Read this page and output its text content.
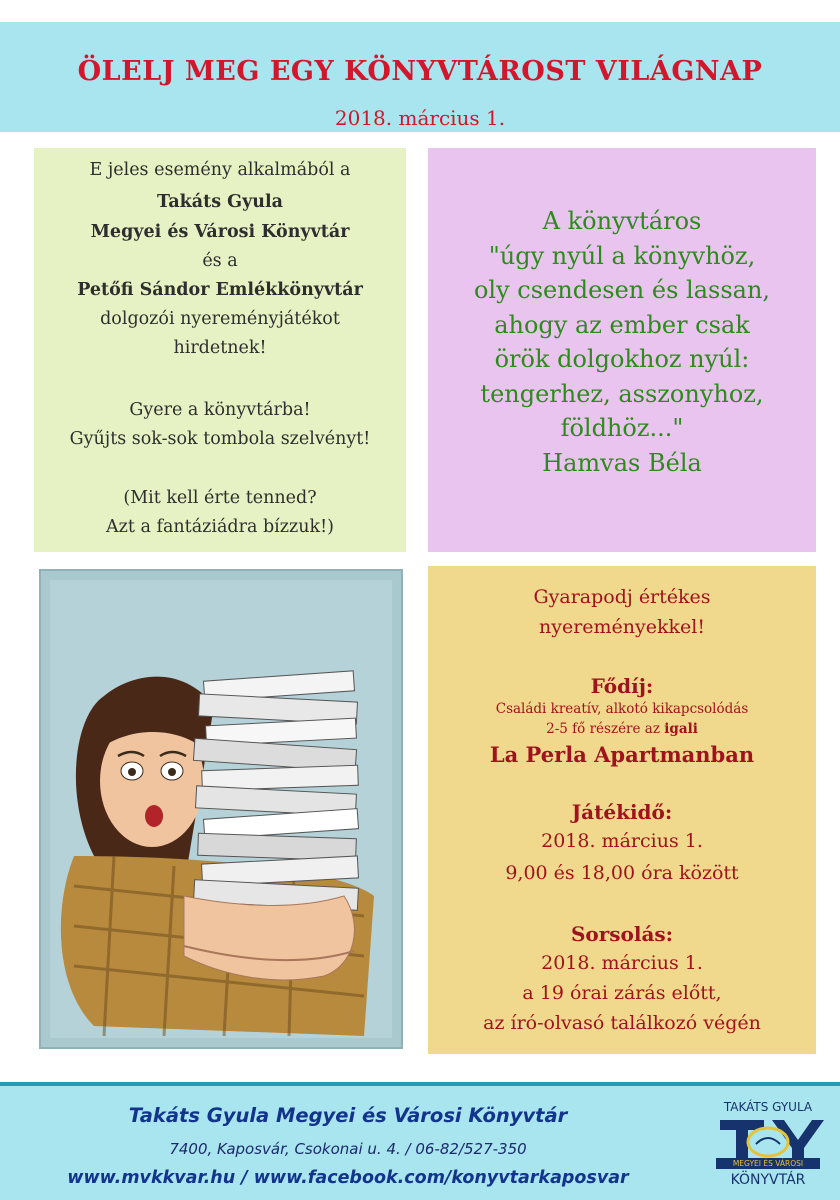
ÖLELJ MEG EGY KÖNYVTÁROST VILÁGNAP
2018. március 1.
E jeles esemény alkalmából a
Takáts Gyula
Megyei és Városi Könyvtár
és a
Petőfi Sándor Emlékkönyvtár
dolgozói nyereményjátékot
hirdetnek!
Gyere a könyvtárba!
Gyűjts sok-sok tombola szelvényt!
(Mit kell érte tenned?
Azt a fantáziádra bízzuk!)
A könyvtáros
"úgy nyúl a könyvhöz,
oly csendesen és lassan,
ahogy az ember csak
örök dolgokhoz nyúl:
tengerhez, asszonyhoz,
földhöz..."
Hamvas Béla
Gyarapodj értékes
nyereményekkel!
Fődíj:
Családi kreatív, alkotó kikapcsolódás
2-5 fő részére az igali
La Perla Apartmanban
Játékidő:
2018. március 1.
9,00 és 18,00 óra között
Sorsolás:
2018. március 1.
a 19 órai zárás előtt,
az író-olvasó találkozó végén
Takáts Gyula Megyei és Városi Könyvtár
7400, Kaposvár, Csokonai u. 4. / 06-82/527-350
www.mvkkvar.hu / www.facebook.com/konyvtarkaposvar
TAKÁTS GYULA
MEGYEI ÉS VÁROSI
KÖNYVTÁR
